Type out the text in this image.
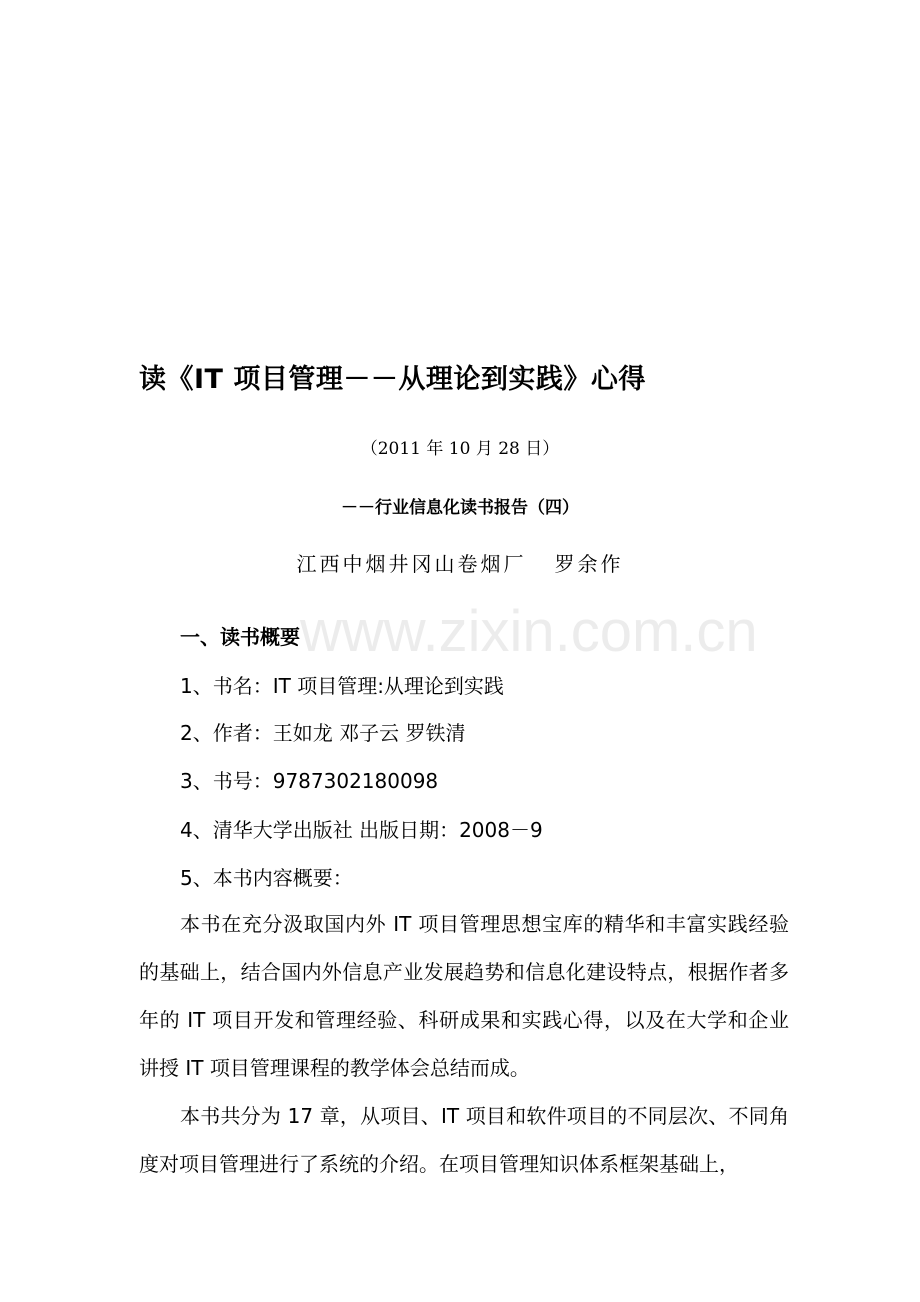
www.zixin.com.cn
读《IT 项目管理－－从理论到实践》心得
（2011 年 10 月 28 日）
－－行业信息化读书报告（四）
江西中烟井冈山卷烟厂   罗余作
一、读书概要
1、书名：IT 项目管理:从理论到实践
2、作者：王如龙 邓子云 罗铁清
3、书号：9787302180098
4、清华大学出版社 出版日期：2008－9
5、本书内容概要：
本书在充分汲取国内外 IT 项目管理思想宝库的精华和丰富实践经验的基础上，结合国内外信息产业发展趋势和信息化建设特点，根据作者多年的 IT 项目开发和管理经验、科研成果和实践心得，以及在大学和企业讲授 IT 项目管理课程的教学体会总结而成。
本书共分为 17 章，从项目、IT 项目和软件项目的不同层次、不同角度对项目管理进行了系统的介绍。在项目管理知识体系框架基础上，
